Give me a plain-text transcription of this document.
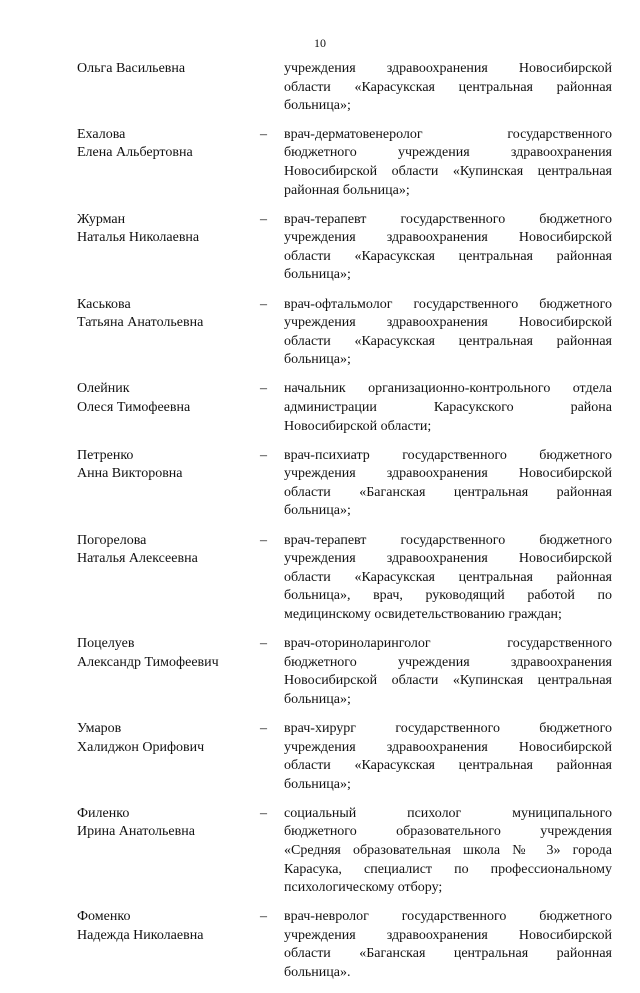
10
Ольга Васильевна	учреждения здравоохранения Новосибирской
области «Карасукская центральная районная
больница»;
Ехалова
Елена Альбертовна
–	врач-дерматовенеролог государственного
бюджетного учреждения здравоохранения
Новосибирской области «Купинская центральная
районная больница»;
Журман
Наталья Николаевна
–	врач-терапевт государственного бюджетного
учреждения здравоохранения Новосибирской
области «Карасукская центральная районная
больница»;
Каськова
Татьяна Анатольевна
–	врач-офтальмолог государственного бюджетного
учреждения здравоохранения Новосибирской
области «Карасукская центральная районная
больница»;
Олейник
Олеся Тимофеевна
–	начальник организационно-контрольного отдела
администрации Карасукского района
Новосибирской области;
Петренко
Анна Викторовна
–	врач-психиатр государственного бюджетного
учреждения здравоохранения Новосибирской
области «Баганская центральная районная
больница»;
Погорелова
Наталья Алексеевна
–	врач-терапевт государственного бюджетного
учреждения здравоохранения Новосибирской
области «Карасукская центральная районная
больница», врач, руководящий работой по
медицинскому освидетельствованию граждан;
Поцелуев
Александр Тимофеевич
–	врач-оториноларинголог государственного
бюджетного учреждения здравоохранения
Новосибирской области «Купинская центральная
больница»;
Умаров
Халиджон Орифович
–	врач-хирург государственного бюджетного
учреждения здравоохранения Новосибирской
области «Карасукская центральная районная
больница»;
Филенко
Ирина Анатольевна
–	социальный психолог муниципального
бюджетного образовательного учреждения
«Средняя образовательная школа № 3» города
Карасука, специалист по профессиональному
психологическому отбору;
Фоменко
Надежда Николаевна
–	врач-невролог государственного бюджетного
учреждения здравоохранения Новосибирской
области «Баганская центральная районная
больница».
